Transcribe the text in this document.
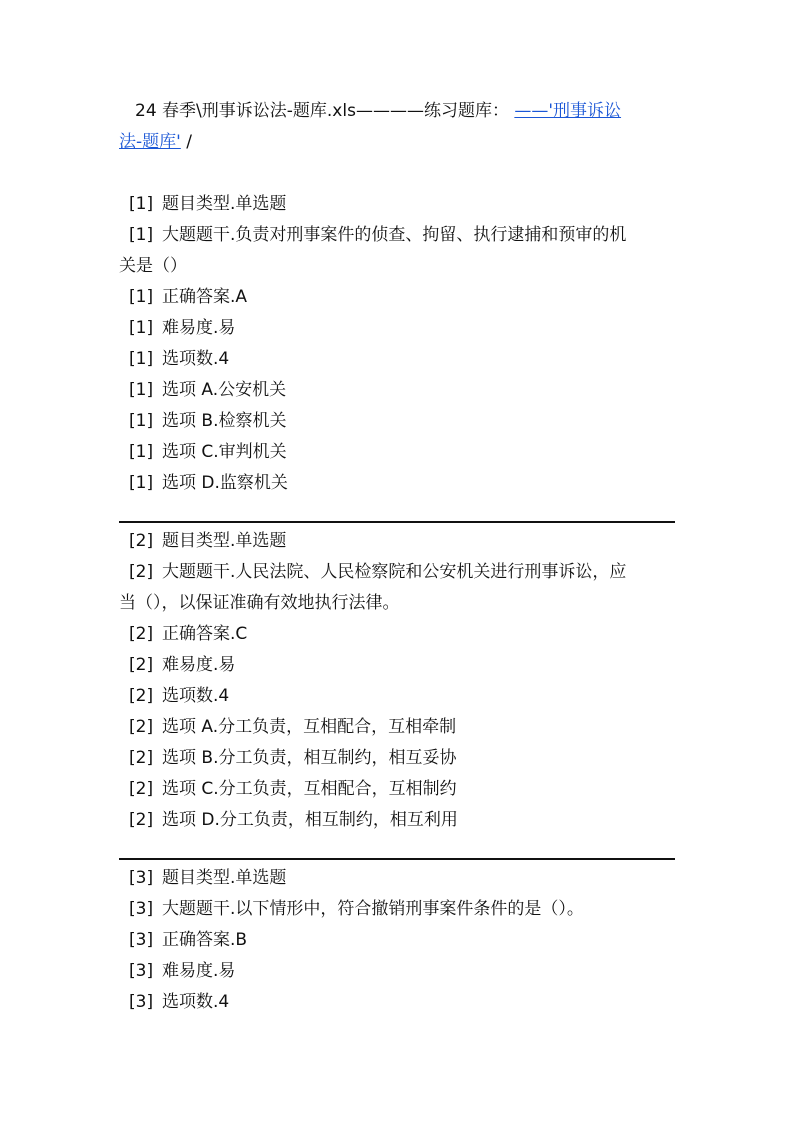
24 春季\刑事诉讼法-题库.xls————练习题库： ——'刑事诉讼
法-题库' /
[1] 题目类型.单选题
[1] 大题题干.负责对刑事案件的侦查、拘留、执行逮捕和预审的机
关是（）
[1] 正确答案.A
[1] 难易度.易
[1] 选项数.4
[1] 选项 A.公安机关
[1] 选项 B.检察机关
[1] 选项 C.审判机关
[1] 选项 D.监察机关
[2] 题目类型.单选题
[2] 大题题干.人民法院、人民检察院和公安机关进行刑事诉讼，应
当（），以保证准确有效地执行法律。
[2] 正确答案.C
[2] 难易度.易
[2] 选项数.4
[2] 选项 A.分工负责，互相配合，互相牵制
[2] 选项 B.分工负责，相互制约，相互妥协
[2] 选项 C.分工负责，互相配合，互相制约
[2] 选项 D.分工负责，相互制约，相互利用
[3] 题目类型.单选题
[3] 大题题干.以下情形中，符合撤销刑事案件条件的是（）。
[3] 正确答案.B
[3] 难易度.易
[3] 选项数.4
